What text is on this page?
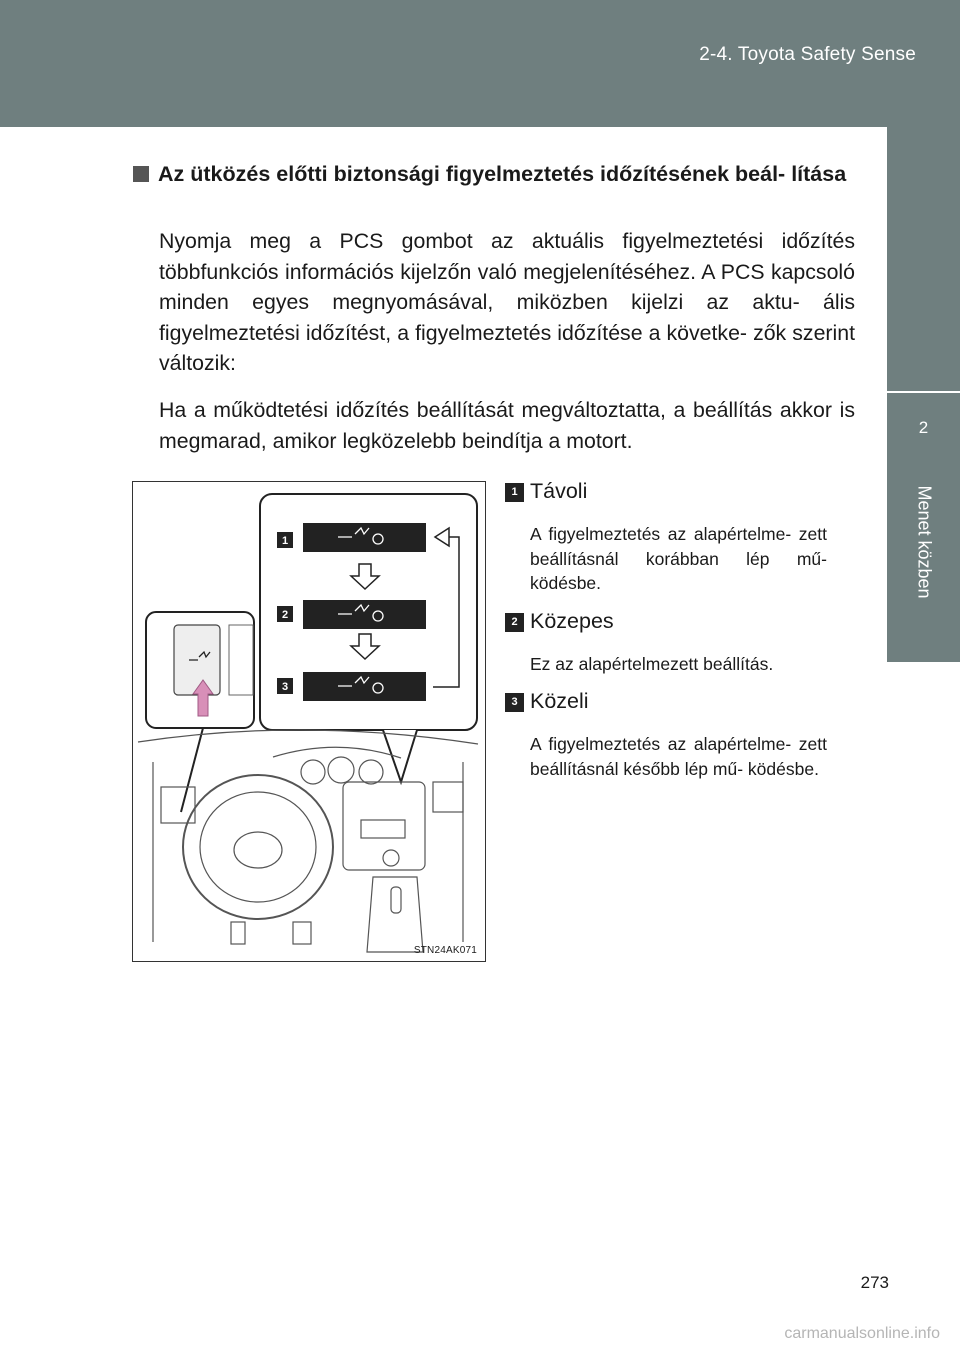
2-4. Toyota Safety Sense
2
Menet közben
Az ütközés előtti biztonsági figyelmeztetés időzítésének beál- lítása
Nyomja meg a PCS gombot az aktuális figyelmeztetési időzítés többfunkciós információs kijelzőn való megjelenítéséhez. A PCS kapcsoló minden egyes megnyomásával, miközben kijelzi az aktu- ális figyelmeztetési időzítést, a figyelmeztetés időzítése a követke- zők szerint változik:
Ha a működtetési időzítés beállítását megváltoztatta, a beállítás akkor is megmarad, amikor legközelebb beindítja a motort.
1
2
3
STN24AK071
1 Távoli
A figyelmeztetés az alapértelme- zett beállításnál korábban lép mű- ködésbe.
2 Közepes
Ez az alapértelmezett beállítás.
3 Közeli
A figyelmeztetés az alapértelme- zett beállításnál később lép mű- ködésbe.
273
carmanualsonline.info
